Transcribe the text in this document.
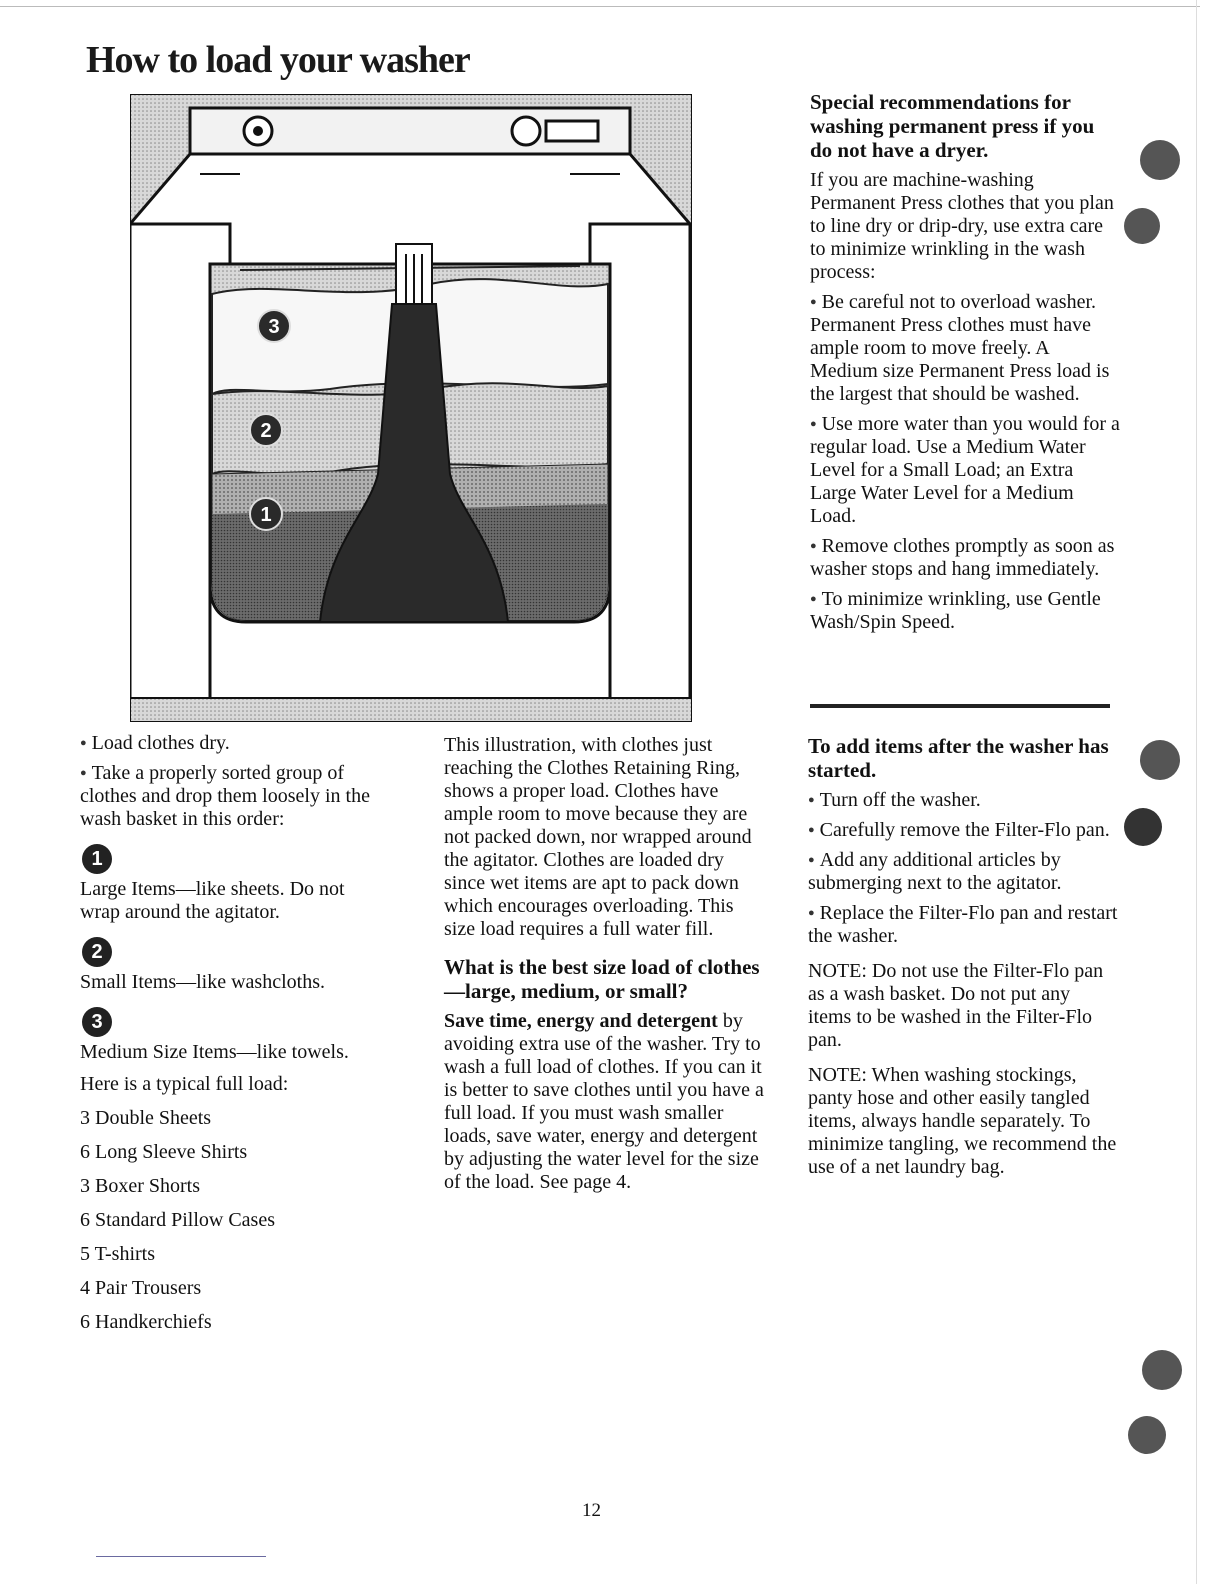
How to load your washer
3
2
1

● Load clothes dry.

● Take a properly sorted group of clothes and drop them loosely in the wash basket in this order:

1

Large Items—like sheets. Do not wrap around the agitator.

2

Small Items—like washcloths.

3

Medium Size Items—like towels.

Here is a typical full load:

3 Double Sheets

6 Long Sleeve Shirts

3 Boxer Shorts

6 Standard Pillow Cases

5 T-shirts

4 Pair Trousers

6 Handkerchiefs

This illustration, with clothes just reaching the Clothes Retaining Ring, shows a proper load. Clothes have ample room to move because they are not packed down, nor wrapped around the agitator. Clothes are loaded dry since wet items are apt to pack down which encourages overloading. This size load requires a full water fill.

What is the best size load of clothes—large, medium, or small?

Save time, energy and detergent by avoiding extra use of the washer. Try to wash a full load of clothes. If you can it is better to save clothes until you have a full load. If you must wash smaller loads, save water, energy and detergent by adjusting the water level for the size of the load. See page 4.

Special recommendations for washing permanent press if you do not have a dryer.

If you are machine-washing Permanent Press clothes that you plan to line dry or drip-dry, use extra care to minimize wrinkling in the wash process:

● Be careful not to overload washer. Permanent Press clothes must have ample room to move freely. A Medium size Permanent Press load is the largest that should be washed.

● Use more water than you would for a regular load. Use a Medium Water Level for a Small Load; an Extra Large Water Level for a Medium Load.

● Remove clothes promptly as soon as washer stops and hang immediately.

● To minimize wrinkling, use Gentle Wash/Spin Speed.

To add items after the washer has started.

● Turn off the washer.

● Carefully remove the Filter-Flo pan.

● Add any additional articles by submerging next to the agitator.

● Replace the Filter-Flo pan and restart the washer.

NOTE: Do not use the Filter-Flo pan as a wash basket. Do not put any items to be washed in the Filter-Flo pan.

NOTE: When washing stockings, panty hose and other easily tangled items, always handle separately. To minimize tangling, we recommend the use of a net laundry bag.

12
